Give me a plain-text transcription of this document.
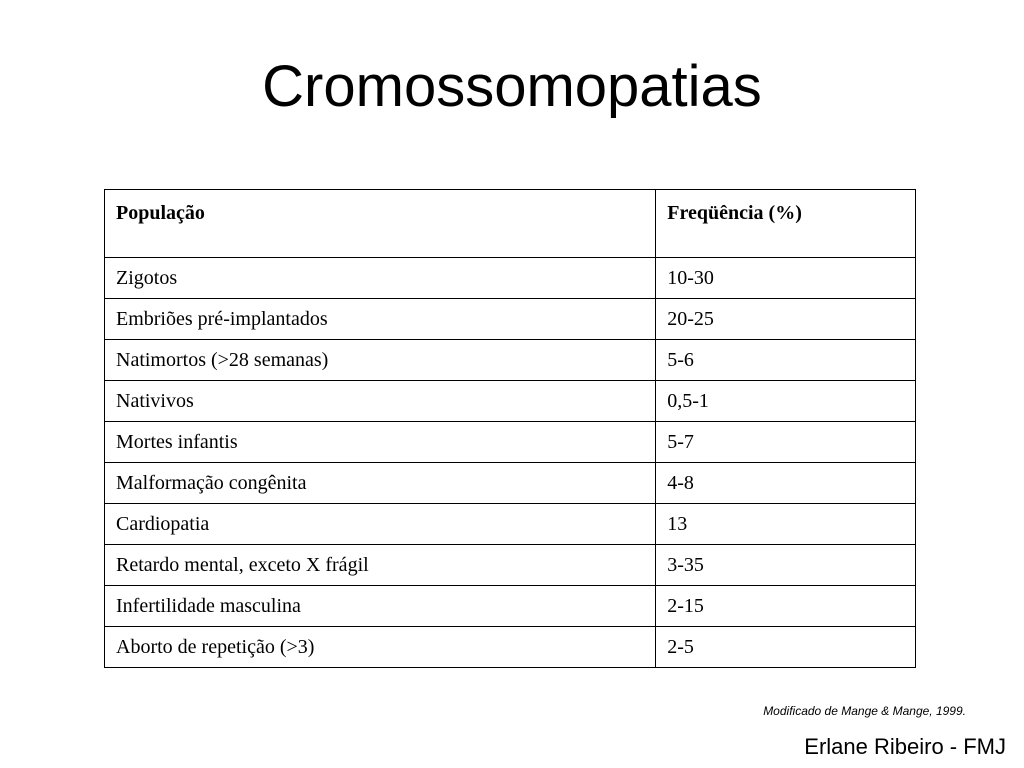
Cromossomopatias
População	Freqüência (%)
Zigotos	10-30
Embriões pré-implantados	20-25
Natimortos (>28 semanas)	5-6
Nativivos	0,5-1
Mortes infantis	5-7
Malformação congênita	4-8
Cardiopatia	13
Retardo mental, exceto X frágil	3-35
Infertilidade masculina	2-15
Aborto de repetição (>3)	2-5

Modificado de Mange & Mange, 1999.

Erlane Ribeiro - FMJ
